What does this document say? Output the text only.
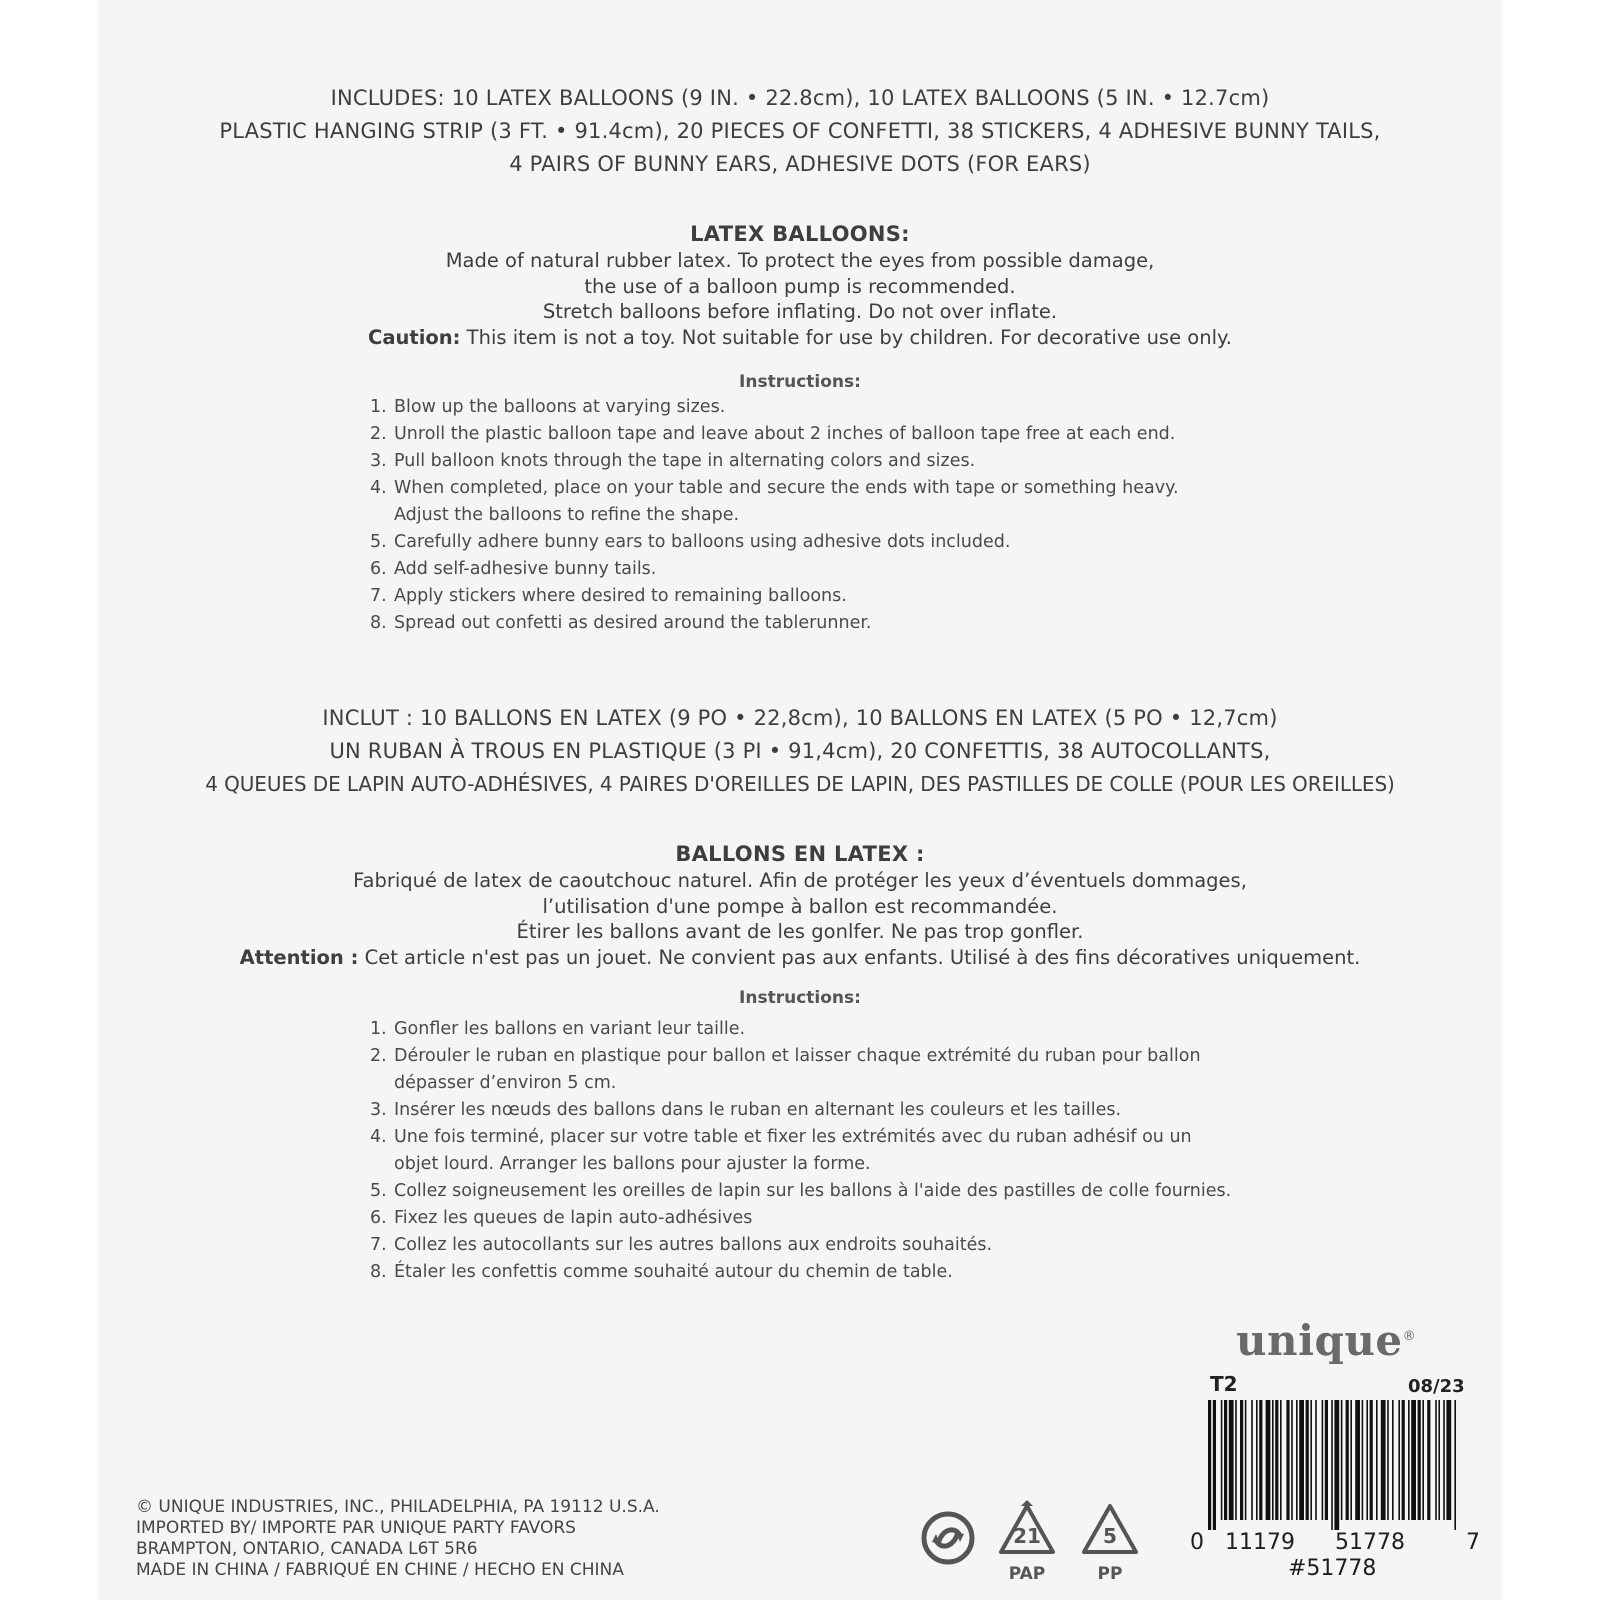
INCLUDES: 10 LATEX BALLOONS (9 IN. • 22.8cm), 10 LATEX BALLOONS (5 IN. • 12.7cm)
PLASTIC HANGING STRIP (3 FT. • 91.4cm), 20 PIECES OF CONFETTI, 38 STICKERS, 4 ADHESIVE BUNNY TAILS,
4 PAIRS OF BUNNY EARS, ADHESIVE DOTS (FOR EARS)
LATEX BALLOONS:
Made of natural rubber latex. To protect the eyes from possible damage,
the use of a balloon pump is recommended.
Stretch balloons before inflating. Do not over inflate.
Caution: This item is not a toy. Not suitable for use by children. For decorative use only.
Instructions:
1. Blow up the balloons at varying sizes.
2. Unroll the plastic balloon tape and leave about 2 inches of balloon tape free at each end.
3. Pull balloon knots through the tape in alternating colors and sizes.
4. When completed, place on your table and secure the ends with tape or something heavy.
Adjust the balloons to refine the shape.
5. Carefully adhere bunny ears to balloons using adhesive dots included.
6. Add self-adhesive bunny tails.
7. Apply stickers where desired to remaining balloons.
8. Spread out confetti as desired around the tablerunner.
INCLUT : 10 BALLONS EN LATEX (9 PO • 22,8cm), 10 BALLONS EN LATEX (5 PO • 12,7cm)
UN RUBAN À TROUS EN PLASTIQUE (3 PI • 91,4cm), 20 CONFETTIS, 38 AUTOCOLLANTS,
4 QUEUES DE LAPIN AUTO-ADHÉSIVES, 4 PAIRES D'OREILLES DE LAPIN, DES PASTILLES DE COLLE (POUR LES OREILLES)
BALLONS EN LATEX :
Fabriqué de latex de caoutchouc naturel. Afin de protéger les yeux d’éventuels dommages,
l’utilisation d'une pompe à ballon est recommandée.
Étirer les ballons avant de les gonlfer. Ne pas trop gonfler.
Attention : Cet article n'est pas un jouet. Ne convient pas aux enfants. Utilisé à des fins décoratives uniquement.
Instructions:
1. Gonfler les ballons en variant leur taille.
2. Dérouler le ruban en plastique pour ballon et laisser chaque extrémité du ruban pour ballon
dépasser d’environ 5 cm.
3. Insérer les nœuds des ballons dans le ruban en alternant les couleurs et les tailles.
4. Une fois terminé, placer sur votre table et fixer les extrémités avec du ruban adhésif ou un
objet lourd. Arranger les ballons pour ajuster la forme.
5. Collez soigneusement les oreilles de lapin sur les ballons à l'aide des pastilles de colle fournies.
6. Fixez les queues de lapin auto-adhésives
7. Collez les autocollants sur les autres ballons aux endroits souhaités.
8. Étaler les confettis comme souhaité autour du chemin de table.
unique®
T2	08/23
0 11179 51778	7
#51778
© UNIQUE INDUSTRIES, INC., PHILADELPHIA, PA 19112 U.S.A.
IMPORTED BY/ IMPORTE PAR UNIQUE PARTY FAVORS
BRAMPTON, ONTARIO, CANADA L6T 5R6
MADE IN CHINA / FABRIQUÉ EN CHINE / HECHO EN CHINA
21
PAP
5
PP
